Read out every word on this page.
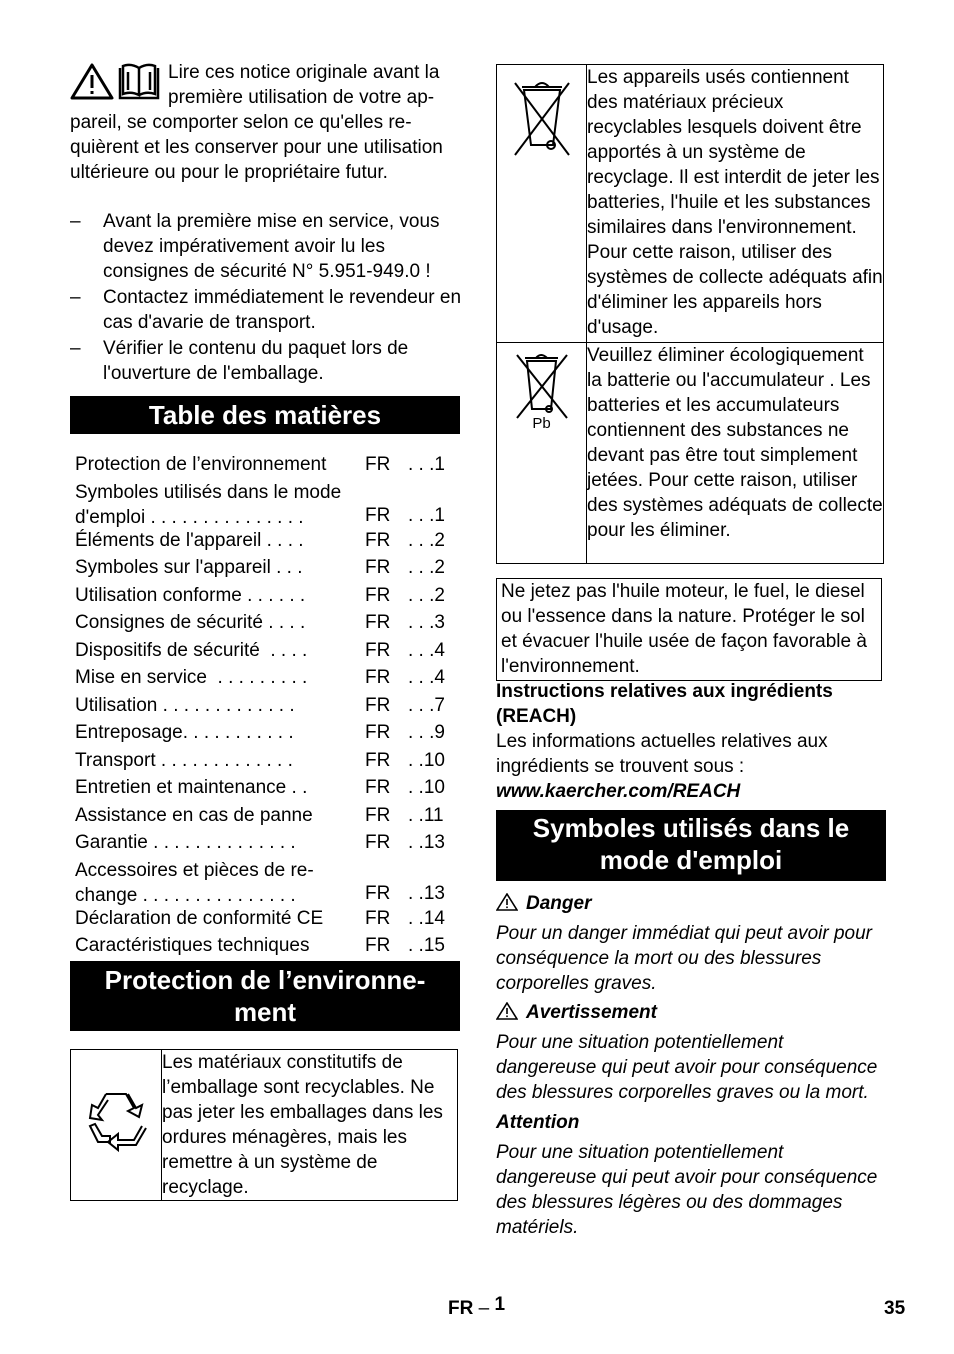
Lire ces notice originale avant la
première utilisation de votre ap-
pareil, se comporter selon ce qu'elles re-quièrent et les conserver pour une utilisation ultérieure ou pour le propriétaire futur.

–	Avant la première mise en service, vous devez impérativement avoir lu les consignes de sécurité N° 5.951-949.0 !
–	Contactez immédiatement le revendeur en cas d'avarie de transport.
–	Vérifier le contenu du paquet lors de l'ouverture de l'emballage.
Table des matières
Protection de l’environnement	FR . . .1
Symboles utilisés dans le mode
d'emploi . . . . . . . . . . . . . . .	FR . . .1
Éléments de l'appareil . . . .	FR . . .2
Symboles sur l'appareil . . .	FR . . .2
Utilisation conforme . . . . . .	FR . . .2
Consignes de sécurité . . . .	FR . . .3
Dispositifs de sécurité  . . . .	FR . . .4
Mise en service  . . . . . . . . .	FR . . .4
Utilisation . . . . . . . . . . . . .	FR . . .7
Entreposage. . . . . . . . . . .	FR . . .9
Transport . . . . . . . . . . . . .	FR . .10
Entretien et maintenance . .	FR . .10
Assistance en cas de panne	FR . .11
Garantie . . . . . . . . . . . . . .	FR . .13
Accessoires et pièces de re-
change . . . . . . . . . . . . . . .	FR . .13
Déclaration de conformité CE	FR . .14
Caractéristiques techniques	FR . .15
Protection de l’environne-
ment
	Les matériaux constitutifs de l’emballage sont recyclables. Ne pas jeter les emballages dans les ordures ménagères, mais les remettre à un système de recyclage.
	Les appareils usés contiennent des matériaux précieux recyclables lesquels doivent être apportés à un système de recyclage. Il est interdit de jeter les batteries, l'huile et les substances similaires dans l'environnement. Pour cette raison, utiliser des systèmes de collecte adéquats afin d'éliminer les appareils hors d'usage.

Pb	Veuillez éliminer écologiquement la batterie ou l'accumulateur . Les batteries et les accumulateurs contiennent des substances ne devant pas être tout simplement jetées. Pour cette raison, utiliser des systèmes adéquats de collecte pour les éliminer.
Ne jetez pas l'huile moteur, le fuel, le diesel ou l'essence dans la nature. Protéger le sol et évacuer l'huile usée de façon favorable à l'environnement.

Instructions relatives aux ingrédients (REACH)

Les informations actuelles relatives aux ingrédients se trouvent sous :

www.kaercher.com/REACH

Symboles utilisés dans le
mode d'emploi

Danger

Pour un danger immédiat qui peut avoir pour conséquence la mort ou des blessures corporelles graves.

Avertissement

Pour une situation potentiellement dangereuse qui peut avoir pour conséquence des blessures corporelles graves ou la mort.

Attention

Pour une situation potentiellement dangereuse qui peut avoir pour conséquence des blessures légères ou des dommages matériels.

FR – 1	35
